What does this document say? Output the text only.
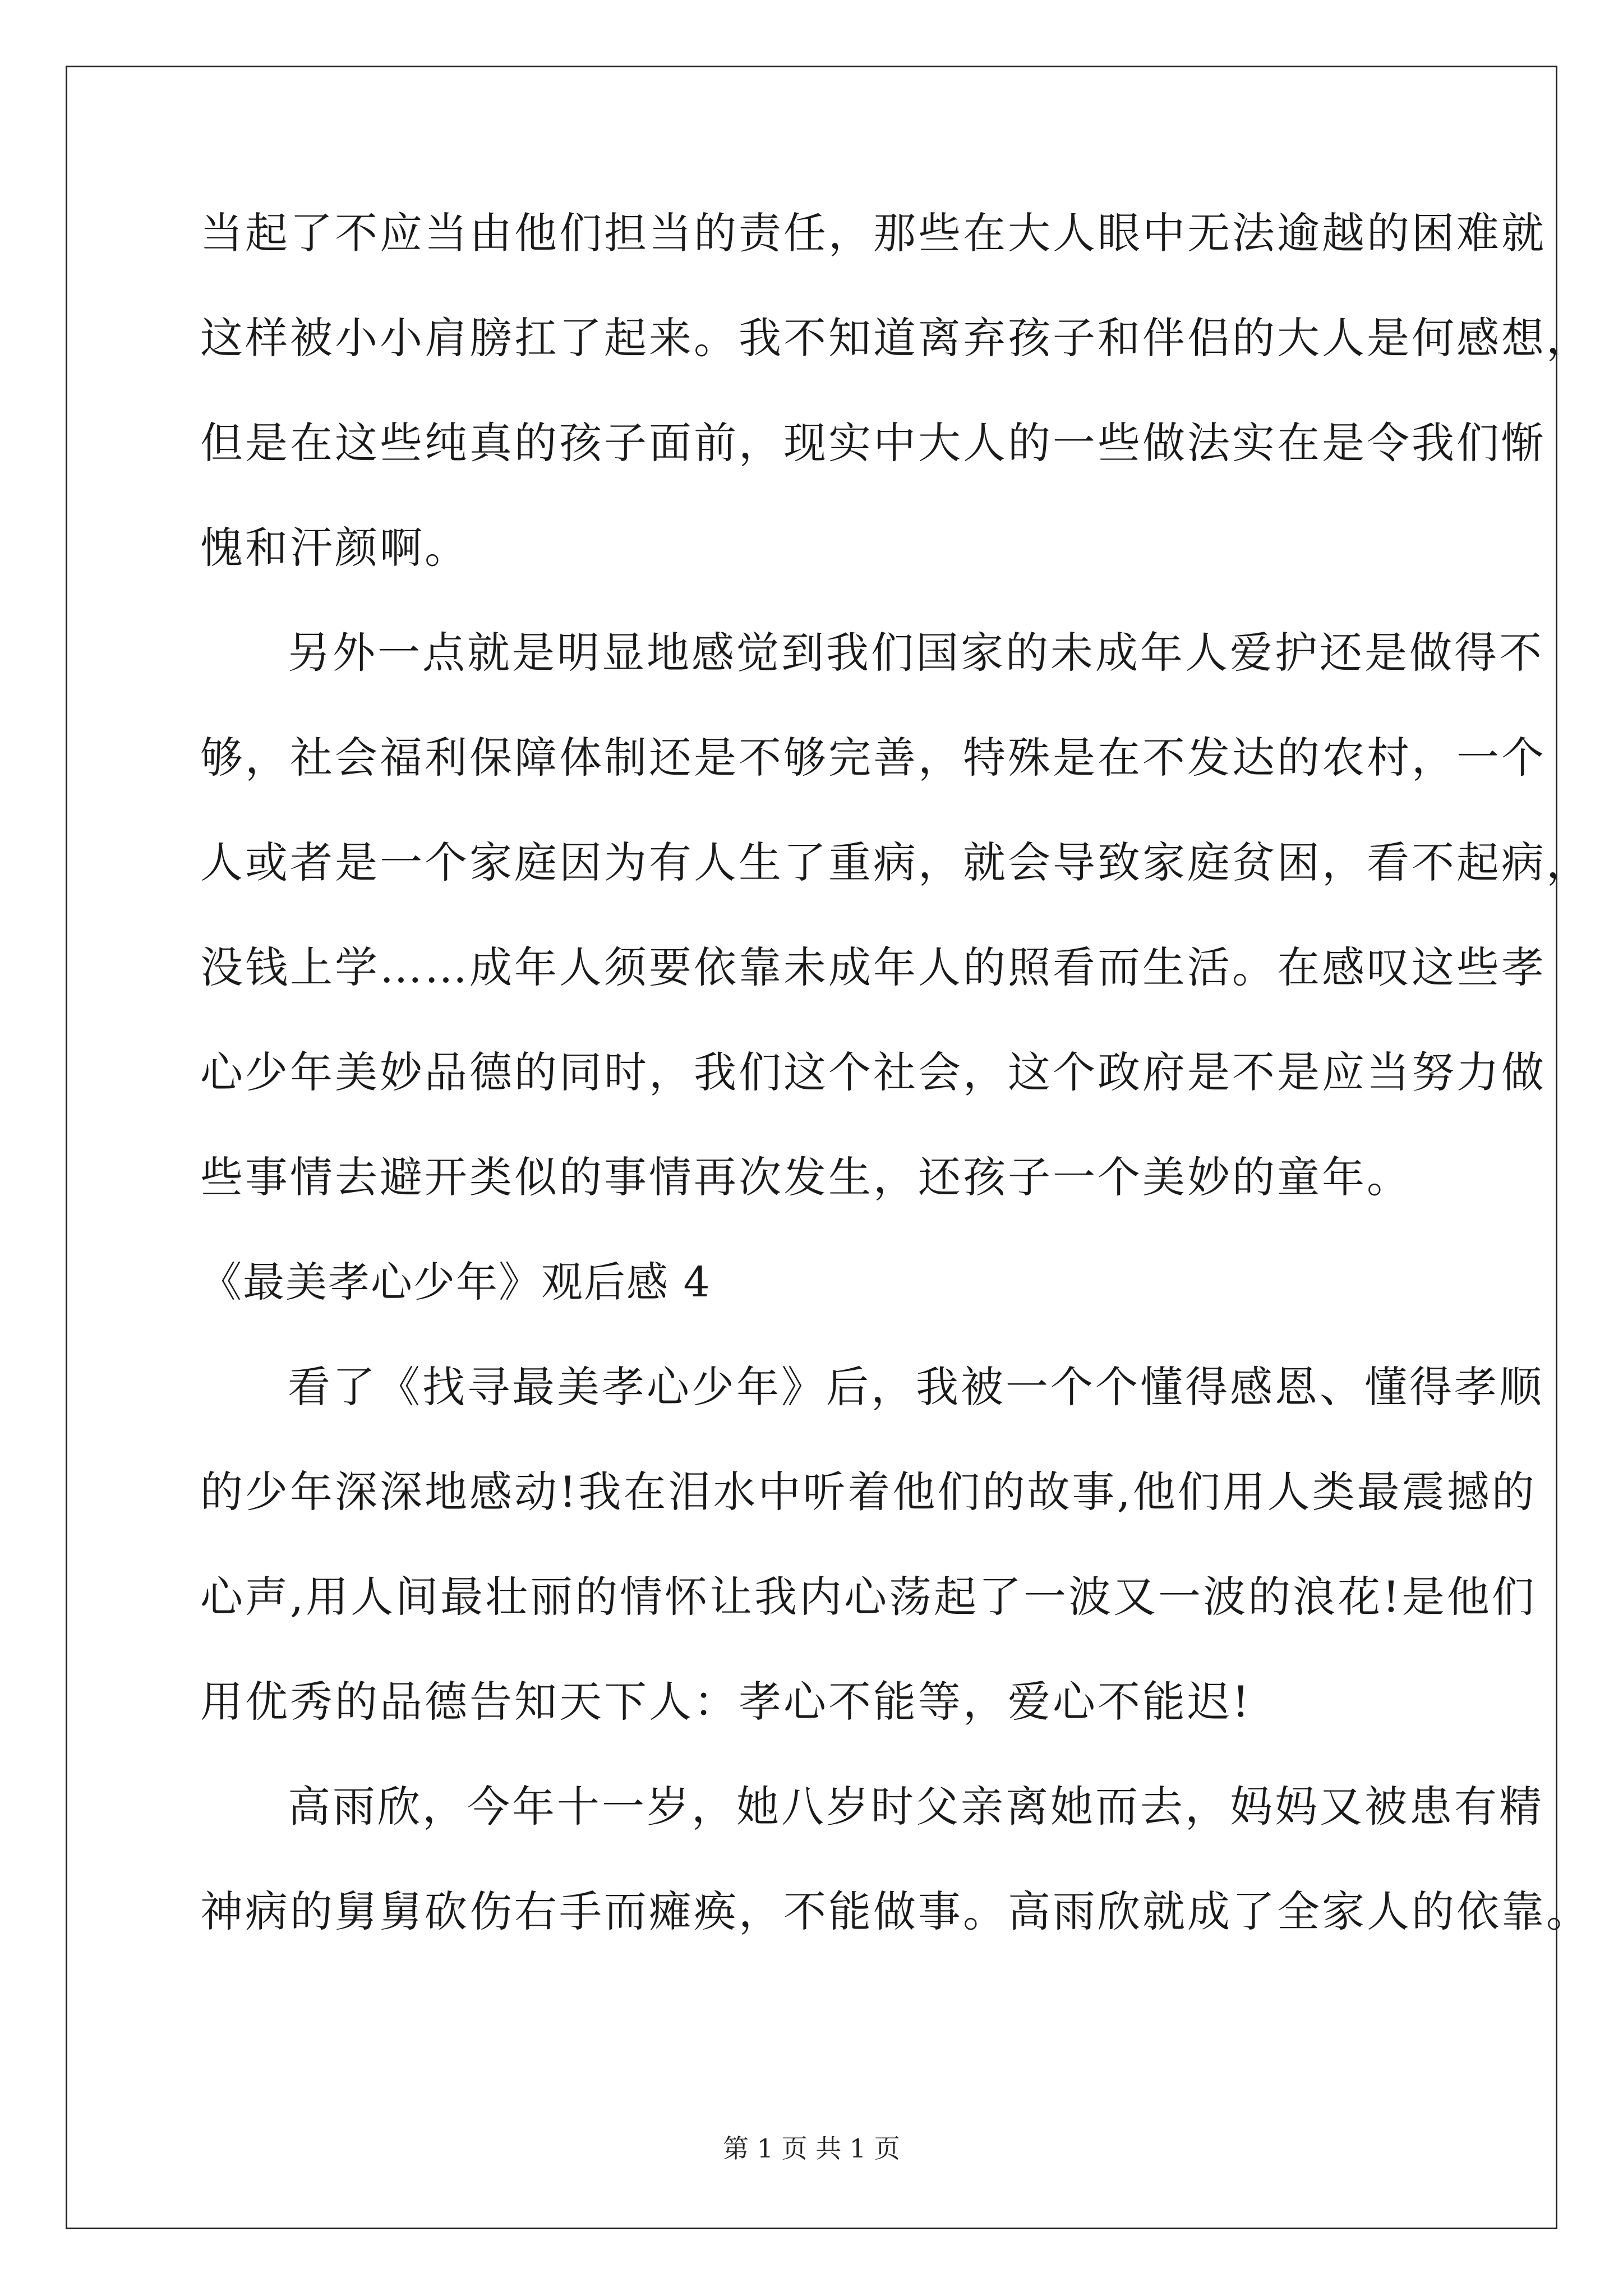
当起了不应当由他们担当的责任，那些在大人眼中无法逾越的困难就
这样被小小肩膀扛了起来。我不知道离弃孩子和伴侣的大人是何感想，
但是在这些纯真的孩子面前，现实中大人的一些做法实在是令我们惭
愧和汗颜啊。
另外一点就是明显地感觉到我们国家的未成年人爱护还是做得不
够，社会福利保障体制还是不够完善，特殊是在不发达的农村，一个
人或者是一个家庭因为有人生了重病，就会导致家庭贫困，看不起病，
没钱上学……成年人须要依靠未成年人的照看而生活。在感叹这些孝
心少年美妙品德的同时，我们这个社会，这个政府是不是应当努力做
些事情去避开类似的事情再次发生，还孩子一个美妙的童年。
《最美孝心少年》观后感 4
看了《找寻最美孝心少年》后，我被一个个懂得感恩、懂得孝顺
的少年深深地感动!我在泪水中听着他们的故事,他们用人类最震撼的
心声,用人间最壮丽的情怀让我内心荡起了一波又一波的浪花!是他们
用优秀的品德告知天下人：孝心不能等，爱心不能迟!
高雨欣，今年十一岁，她八岁时父亲离她而去，妈妈又被患有精
神病的舅舅砍伤右手而瘫痪，不能做事。高雨欣就成了全家人的依靠。
第 1 页 共 1 页
